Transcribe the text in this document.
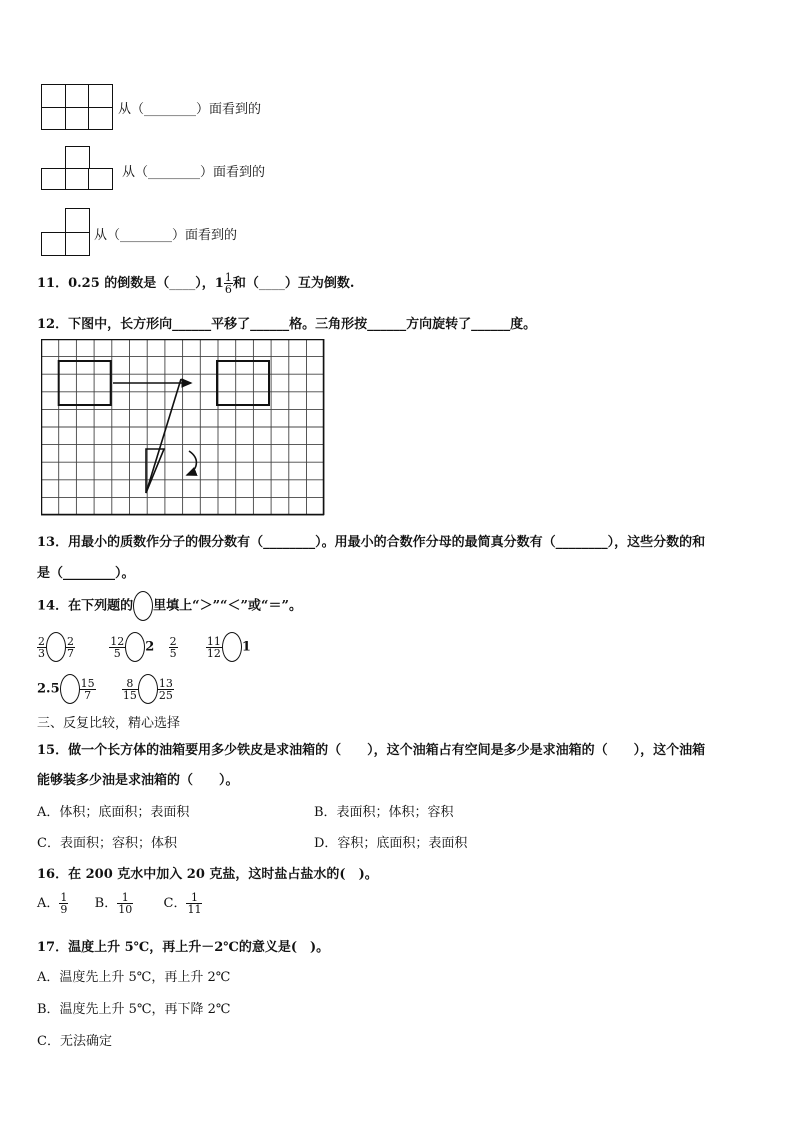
从（________）面看到的
从（________）面看到的
从（________）面看到的
11．0.25 的倒数是（____），$1 \frac{1}{6}$ 和（____）互为倒数.
12．下图中，长方形向______平移了______格。三角形按______方向旋转了______度。
13．用最小的质数作分子的假分数有（________）。用最小的合数作分母的最简真分数有（________），这些分数的和
是（________）。
14．在下列题的 里填上“＞”“＜”或“＝”。
$\frac{2}{3} \frac{2}{7}$
	$\frac{12}{5} 2 \frac{2}{5}$
	$\frac{11}{12} 1$
$2.5 \frac{15}{7}$
$\frac{8}{15} \frac{13}{25}$
三、反复比较，精心选择
15．做一个长方体的油箱要用多少铁皮是求油箱的（　　），这个油箱占有空间是多少是求油箱的（　　），这个油箱
能够装多少油是求油箱的（　　）。
A．体积；底面积；表面积	B．表面积；体积；容积
C．表面积；容积；体积	D．容积；底面积；表面积
16．在 200 克水中加入 20 克盐，这时盐占盐水的(　)。
A． $\frac{1}{9}$ B． $\frac{1}{10}$ C． $\frac{1}{11}$
17．温度上升 5℃，再上升－2℃的意义是(　)。
A．温度先上升 5℃，再上升 2℃
B．温度先上升 5℃，再下降 2℃
C．无法确定
